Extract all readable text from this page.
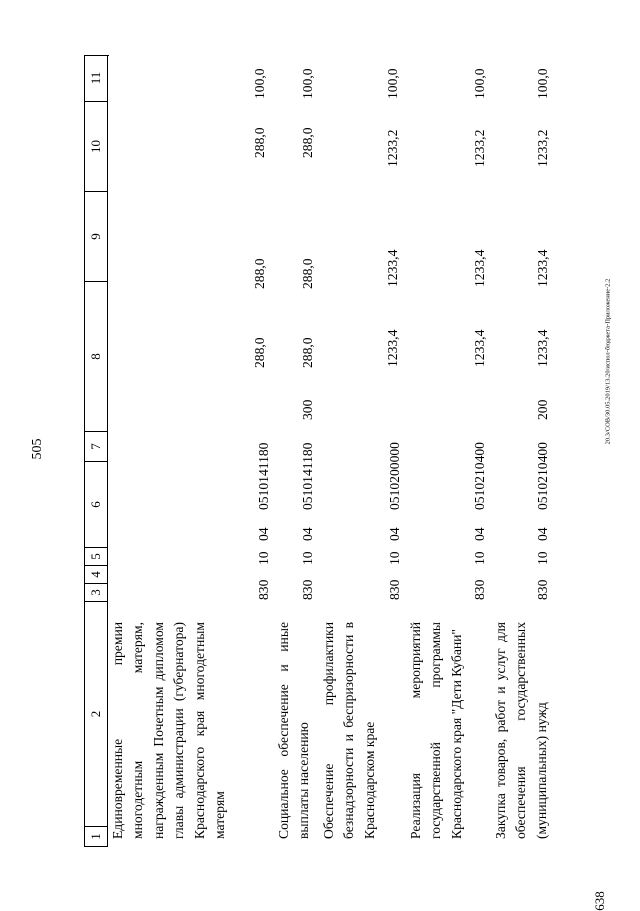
505
1
2
3
4
5
6
7
8
9
10
11
Единовременные премии многодетным матерям, награжденным Почетным дипломом главы администрации (губернатора) Краснодарского края многодетным матерям
830
10
04
0510141180
288,0
288,0
288,0
100,0
Социальное обеспечение и иные выплаты населению
830
10
04
0510141180
300
288,0
288,0
288,0
100,0
Обеспечение профилактики безнадзорности и беспризорности в Краснодарском крае
830
10
04
0510200000
1233,4
1233,4
1233,2
100,0
Реализация мероприятий государственной программы Краснодарского края "Дети Кубани"
830
10
04
0510210400
1233,4
1233,4
1233,2
100,0
Закупка товаров, работ и услуг для обеспечения государственных (муниципальных) нужд
830
10
04
0510210400
200
1233,4
1233,4
1233,2
100,0
20.3/СОВ/30.05.2019/13.20/испол-бюджета-Приложение-2.2
638
